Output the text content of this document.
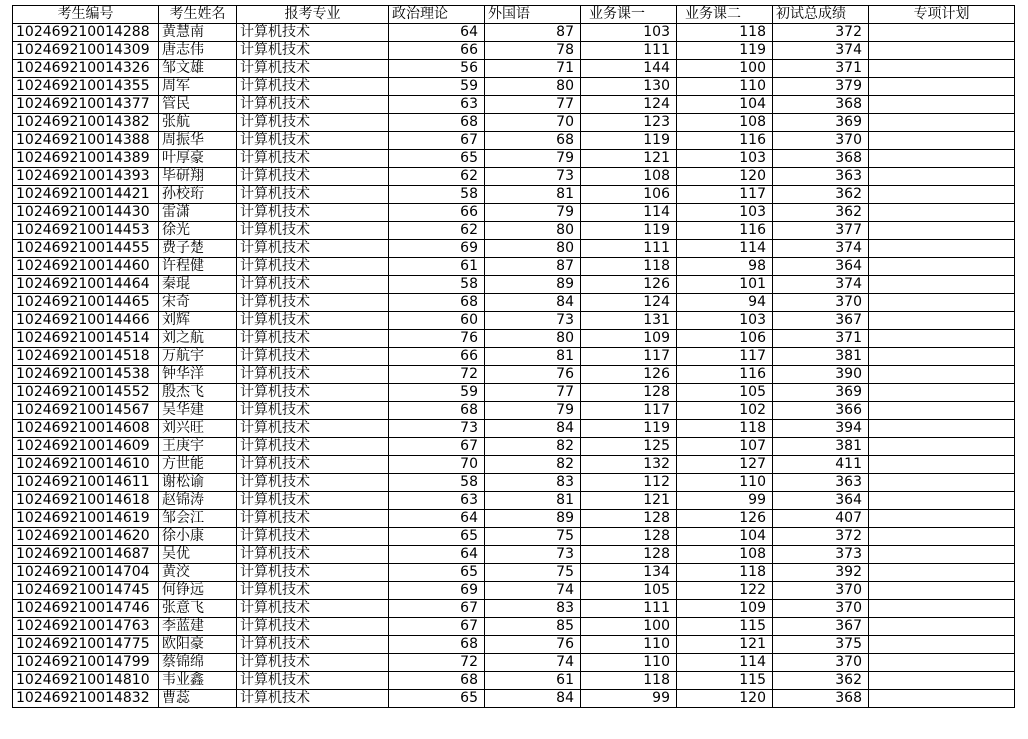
考生编号	考生姓名	报考专业	政治理论	外国语	业务课一	业务课二	初试总成绩	专项计划
102469210014288	黄慧南	计算机技术	64	87	103	118	372	
102469210014309	唐志伟	计算机技术	66	78	111	119	374	
102469210014326	邹文雄	计算机技术	56	71	144	100	371	
102469210014355	周军	计算机技术	59	80	130	110	379	
102469210014377	管民	计算机技术	63	77	124	104	368	
102469210014382	张航	计算机技术	68	70	123	108	369	
102469210014388	周振华	计算机技术	67	68	119	116	370	
102469210014389	叶厚豪	计算机技术	65	79	121	103	368	
102469210014393	毕研翔	计算机技术	62	73	108	120	363	
102469210014421	孙校珩	计算机技术	58	81	106	117	362	
102469210014430	雷潇	计算机技术	66	79	114	103	362	
102469210014453	徐光	计算机技术	62	80	119	116	377	
102469210014455	费子楚	计算机技术	69	80	111	114	374	
102469210014460	许程健	计算机技术	61	87	118	98	364	
102469210014464	秦琨	计算机技术	58	89	126	101	374	
102469210014465	宋奇	计算机技术	68	84	124	94	370	
102469210014466	刘辉	计算机技术	60	73	131	103	367	
102469210014514	刘之航	计算机技术	76	80	109	106	371	
102469210014518	万航宇	计算机技术	66	81	117	117	381	
102469210014538	钟华洋	计算机技术	72	76	126	116	390	
102469210014552	殷杰飞	计算机技术	59	77	128	105	369	
102469210014567	吴华建	计算机技术	68	79	117	102	366	
102469210014608	刘兴旺	计算机技术	73	84	119	118	394	
102469210014609	王庚宇	计算机技术	67	82	125	107	381	
102469210014610	方世能	计算机技术	70	82	132	127	411	
102469210014611	谢松谕	计算机技术	58	83	112	110	363	
102469210014618	赵锦涛	计算机技术	63	81	121	99	364	
102469210014619	邹会江	计算机技术	64	89	128	126	407	
102469210014620	徐小康	计算机技术	65	75	128	104	372	
102469210014687	吴优	计算机技术	64	73	128	108	373	
102469210014704	黄洨	计算机技术	65	75	134	118	392	
102469210014745	何铮远	计算机技术	69	74	105	122	370	
102469210014746	张意飞	计算机技术	67	83	111	109	370	
102469210014763	李蓝建	计算机技术	67	85	100	115	367	
102469210014775	欧阳豪	计算机技术	68	76	110	121	375	
102469210014799	蔡锦绵	计算机技术	72	74	110	114	370	
102469210014810	韦业鑫	计算机技术	68	61	118	115	362	
102469210014832	曹蕊	计算机技术	65	84	99	120	368	
